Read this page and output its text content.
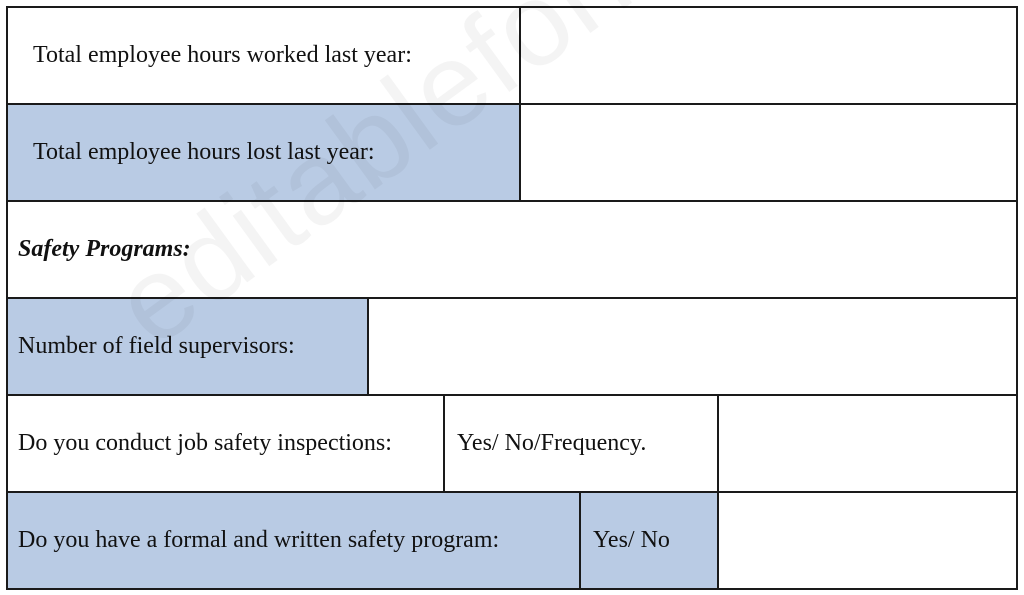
Total employee hours worked last year:
Total employee hours lost last year:
Safety Programs:
Number of field supervisors:
Do you conduct job safety inspections:	Yes/ No/Frequency.
Do you have a formal and written safety program:	Yes/ No
